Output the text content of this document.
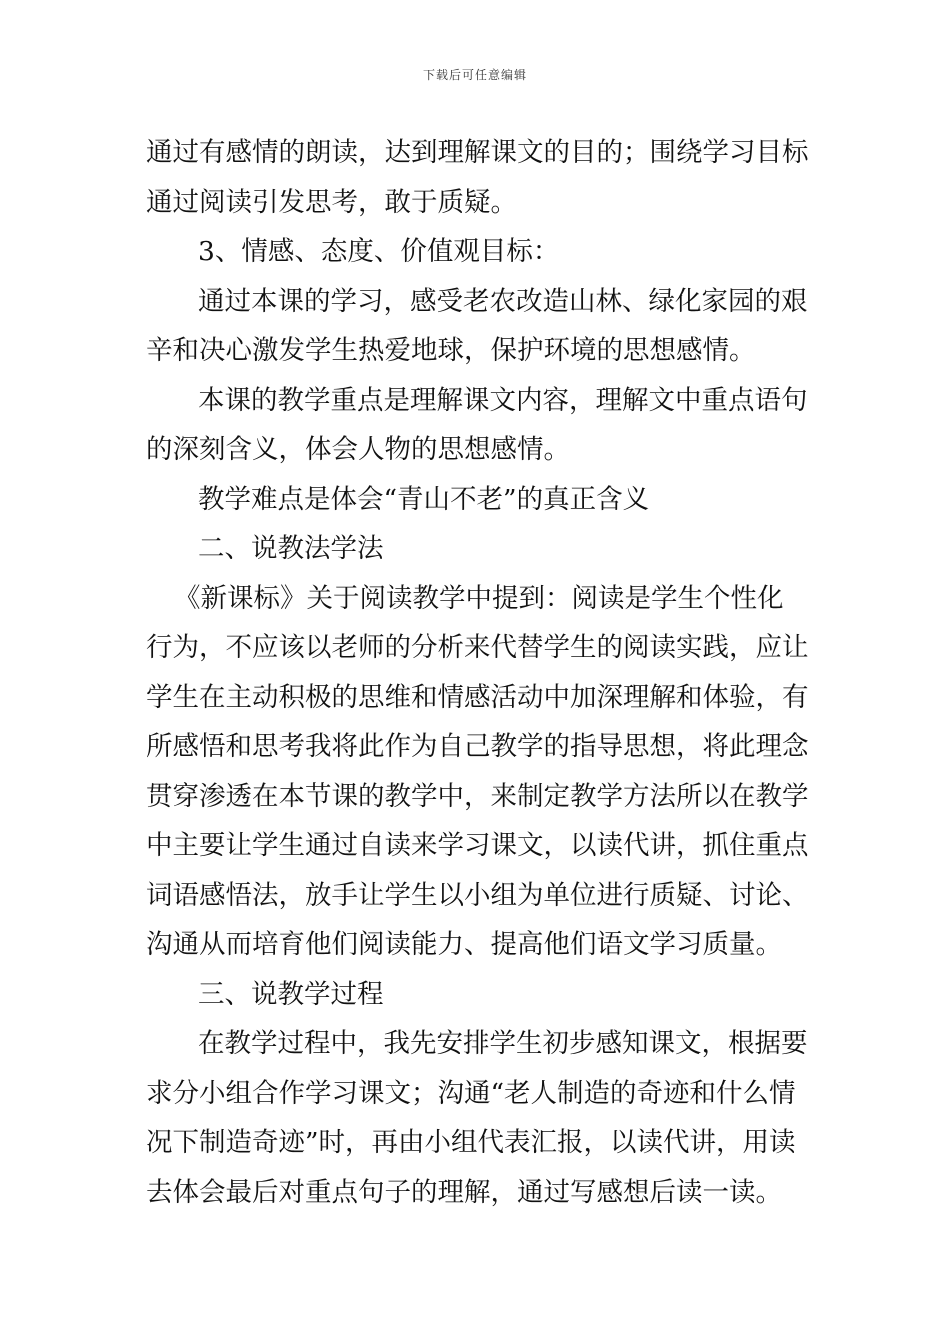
下载后可任意编辑
通过有感情的朗读，达到理解课文的目的；围绕学习目标
通过阅读引发思考，敢于质疑。
3、情感、态度、价值观目标：
通过本课的学习，感受老农改造山林、绿化家园的艰
辛和决心激发学生热爱地球，保护环境的思想感情。
本课的教学重点是理解课文内容，理解文中重点语句
的深刻含义，体会人物的思想感情。
教学难点是体会“青山不老”的真正含义
二、说教法学法
《新课标》关于阅读教学中提到：阅读是学生个性化
行为，不应该以老师的分析来代替学生的阅读实践，应让
学生在主动积极的思维和情感活动中加深理解和体验，有
所感悟和思考我将此作为自己教学的指导思想，将此理念
贯穿渗透在本节课的教学中，来制定教学方法所以在教学
中主要让学生通过自读来学习课文，以读代讲，抓住重点
词语感悟法，放手让学生以小组为单位进行质疑、讨论、
沟通从而培育他们阅读能力、提高他们语文学习质量。
三、说教学过程
在教学过程中，我先安排学生初步感知课文，根据要
求分小组合作学习课文；沟通“老人制造的奇迹和什么情
况下制造奇迹”时，再由小组代表汇报，以读代讲，用读
去体会最后对重点句子的理解，通过写感想后读一读。
